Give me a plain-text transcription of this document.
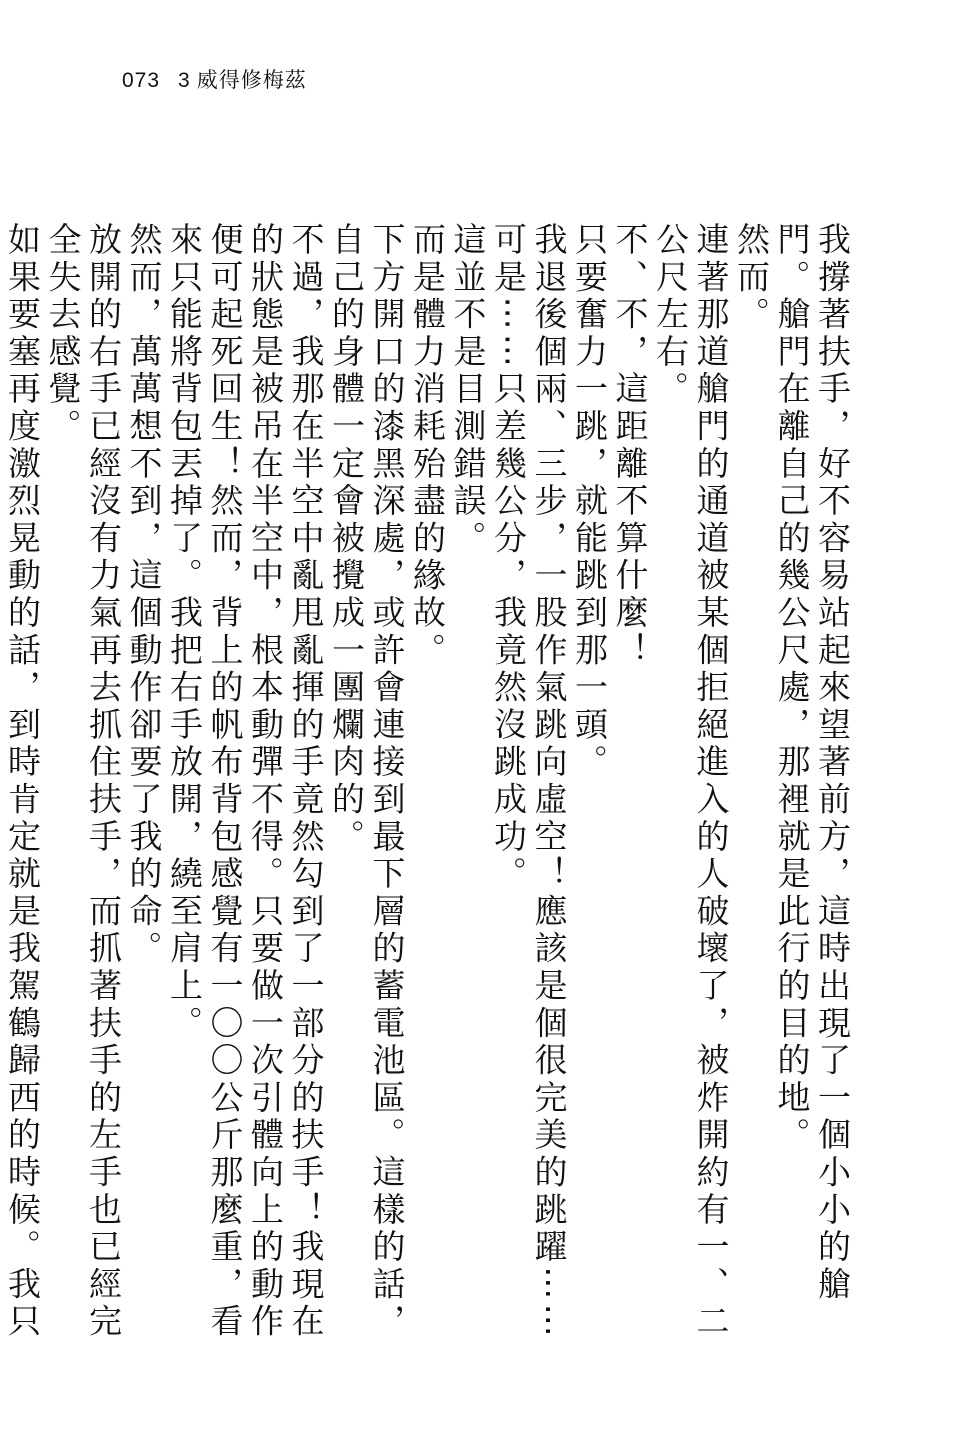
073 3 威得修梅茲

我撐著扶手，好不容易站起來望著前方，這時出現了一個小小的艙門。艙門在離自己的幾公尺處，那裡就是此行的目的地。

然而。

連著那道艙門的通道被某個拒絕進入的人破壞了，被炸開約有一、二公尺左右。

不、不，這距離不算什麼！

只要奮力一跳，就能跳到那一頭。

我退後個兩、三步，一股作氣跳向虛空！應該是個很完美的跳躍⋯⋯

可是⋯⋯只差幾公分，我竟然沒跳成功。

這並不是目測錯誤。

而是體力消耗殆盡的緣故。

下方開口的漆黑深處，或許會連接到最下層的蓄電池區。這樣的話，自己的身體一定會被攪成一團爛肉的。

不過，我那在半空中亂甩亂揮的手竟然勾到了一部分的扶手！我現在的狀態是被吊在半空中，根本動彈不得。只要做一次引體向上的動作便可起死回生！然而，背上的帆布背包感覺有一〇〇公斤那麼重，看來只能將背包丟掉了。我把右手放開，繞至肩上。

然而，萬萬想不到，這個動作卻要了我的命。

放開的右手已經沒有力氣再去抓住扶手，而抓著扶手的左手也已經完全失去感覺。

如果要塞再度激烈晃動的話，到時肯定就是我駕鶴歸西的時候。我只
